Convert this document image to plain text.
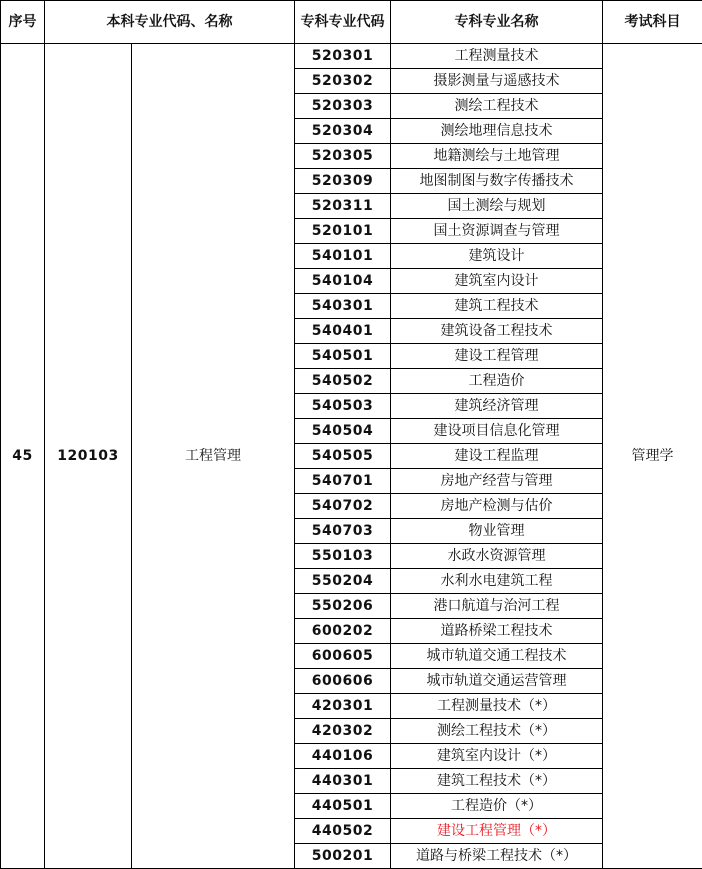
序号	本科专业代码、名称		专科专业代码	专科专业名称	考试科目
45	120103	工程管理	520301	工程测量技术	管理学
			520302	摄影测量与遥感技术	
			520303	测绘工程技术	
			520304	测绘地理信息技术	
			520305	地籍测绘与土地管理	
			520309	地图制图与数字传播技术	
			520311	国土测绘与规划	
			520101	国土资源调查与管理	
			540101	建筑设计	
			540104	建筑室内设计	
			540301	建筑工程技术	
			540401	建筑设备工程技术	
			540501	建设工程管理	
			540502	工程造价	
			540503	建筑经济管理	
			540504	建设项目信息化管理	
			540505	建设工程监理	
			540701	房地产经营与管理	
			540702	房地产检测与估价	
			540703	物业管理	
			550103	水政水资源管理	
			550204	水利水电建筑工程	
			550206	港口航道与治河工程	
			600202	道路桥梁工程技术	
			600605	城市轨道交通工程技术	
			600606	城市轨道交通运营管理	
			420301	工程测量技术（*）	
			420302	测绘工程技术（*）	
			440106	建筑室内设计（*）	
			440301	建筑工程技术（*）	
			440501	工程造价（*）	
			440502	建设工程管理（*）	
			500201	道路与桥梁工程技术（*）	
